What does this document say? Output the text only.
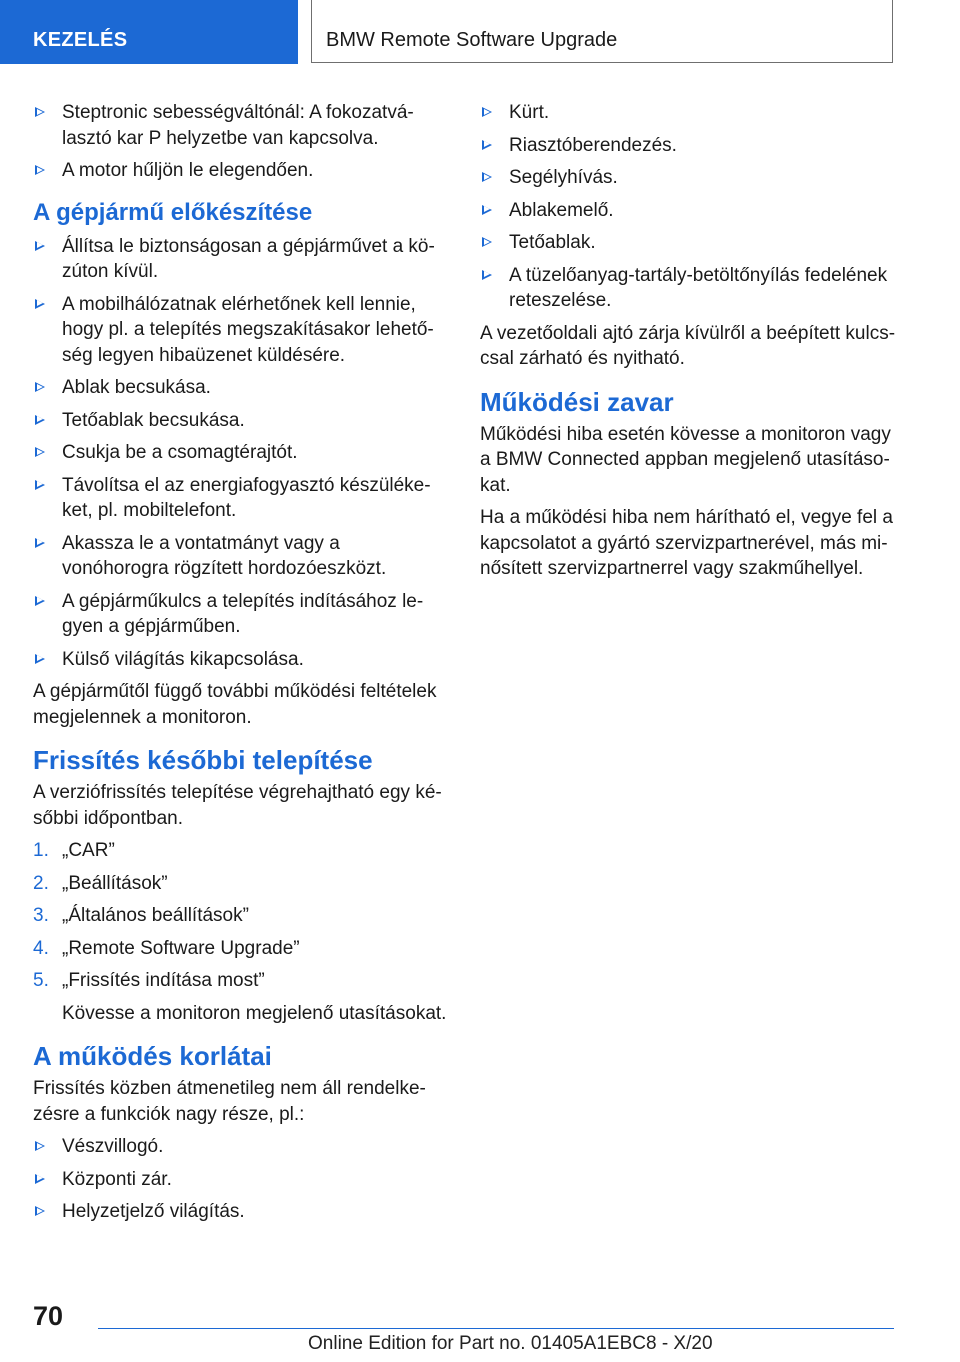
KEZELÉS	BMW Remote Software Upgrade
Steptronic sebességváltónál: A fokozatvá-lasztó kar P helyzetbe van kapcsolva.
A motor hűljön le elegendően.
A gépjármű előkészítése
Állítsa le biztonságosan a gépjárművet a kö-zúton kívül.
A mobilhálózatnak elérhetőnek kell lennie, hogy pl. a telepítés megszakításakor lehető-ség legyen hibaüzenet küldésére.
Ablak becsukása.
Tetőablak becsukása.
Csukja be a csomagtérajtót.
Távolítsa el az energiafogyasztó készüléke-ket, pl. mobiltelefont.
Akassza le a vontatmányt vagy a vonóhorogra rögzített hordozóeszközt.
A gépjárműkulcs a telepítés indításához le-gyen a gépjárműben.
Külső világítás kikapcsolása.
A gépjárműtől függő további működési feltételek megjelennek a monitoron.
Frissítés későbbi telepítése
A verziófrissítés telepítése végrehajtható egy ké-sőbbi időpontban.
1. „CAR”
2. „Beállítások”
3. „Általános beállítások”
4. „Remote Software Upgrade”
5. „Frissítés indítása most”
Kövesse a monitoron megjelenő utasításokat.
A működés korlátai
Frissítés közben átmenetileg nem áll rendelke-zésre a funkciók nagy része, pl.:
Vészvillogó.
Központi zár.
Helyzetjelző világítás.
Kürt.
Riasztóberendezés.
Segélyhívás.
Ablakemelő.
Tetőablak.
A tüzelőanyag-tartály-betöltőnyílás fedelének reteszelése.
A vezetőoldali ajtó zárja kívülről a beépített kulcs-csal zárható és nyitható.
Működési zavar
Működési hiba esetén kövesse a monitoron vagy a BMW Connected appban megjelenő utasításo-kat.
Ha a működési hiba nem hárítható el, vegye fel a kapcsolatot a gyártó szervizpartnerével, más mi-nősített szervizpartnerrel vagy szakműhellyel.
70
Online Edition for Part no. 01405A1EBC8 - X/20
